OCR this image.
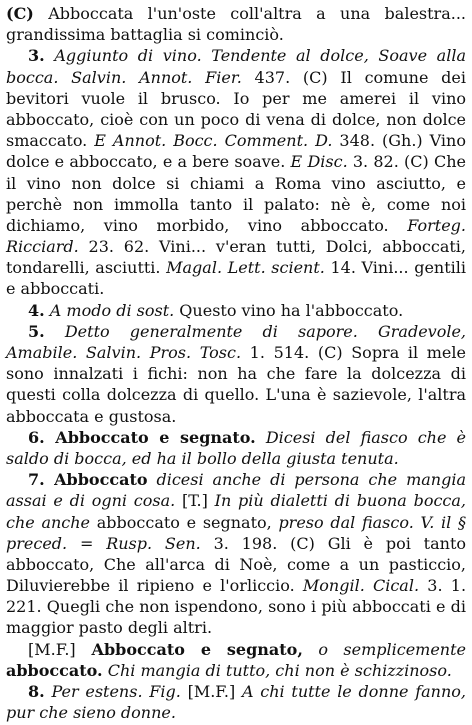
(C) Abboccata l'un'oste coll'altra a una balestra... grandissima battaglia si cominciò.

3. Aggiunto di vino. Tendente al dolce, Soave alla bocca. Salvin. Annot. Fier. 437. (C) Il comune dei bevitori vuole il brusco. Io per me amerei il vino abboccato, cioè con un poco di vena di dolce, non dolce smaccato. E Annot. Bocc. Comment. D. 348. (Gh.) Vino dolce e abboccato, e a bere soave. E Disc. 3. 82. (C) Che il vino non dolce si chiami a Roma vino asciutto, e perchè non immolla tanto il palato: nè è, come noi dichiamo, vino morbido, vino abboccato. Forteg. Ricciard. 23. 62. Vini... v'eran tutti, Dolci, abboccati, tondarelli, asciutti. Magal. Lett. scient. 14. Vini... gentili e abboccati.

4. A modo di sost. Questo vino ha l'abboccato.

5. Detto generalmente di sapore. Gradevole, Amabile. Salvin. Pros. Tosc. 1. 514. (C) Sopra il mele sono innalzati i fichi: non ha che fare la dolcezza di questi colla dolcezza di quello. L'una è sazievole, l'altra abboccata e gustosa.

6. Abboccato e segnato. Dicesi del fiasco che è saldo di bocca, ed ha il bollo della giusta tenuta.

7. Abboccato dicesi anche di persona che mangia assai e di ogni cosa. [T.] In più dialetti di buona bocca, che anche abboccato e segnato, preso dal fiasco. V. il § preced. = Rusp. Sen. 3. 198. (C) Gli è poi tanto abboccato, Che all'arca di Noè, come a un pasticcio, Diluvierebbe il ripieno e l'orliccio. Mongil. Cical. 3. 1. 221. Quegli che non ispendono, sono i più abboccati e di maggior pasto degli altri.

[M.F.] Abboccato e segnato, o semplicemente abboccato. Chi mangia di tutto, chi non è schizzinoso.

8. Per estens. Fig. [M.F.] A chi tutte le donne fanno, pur che sieno donne.
